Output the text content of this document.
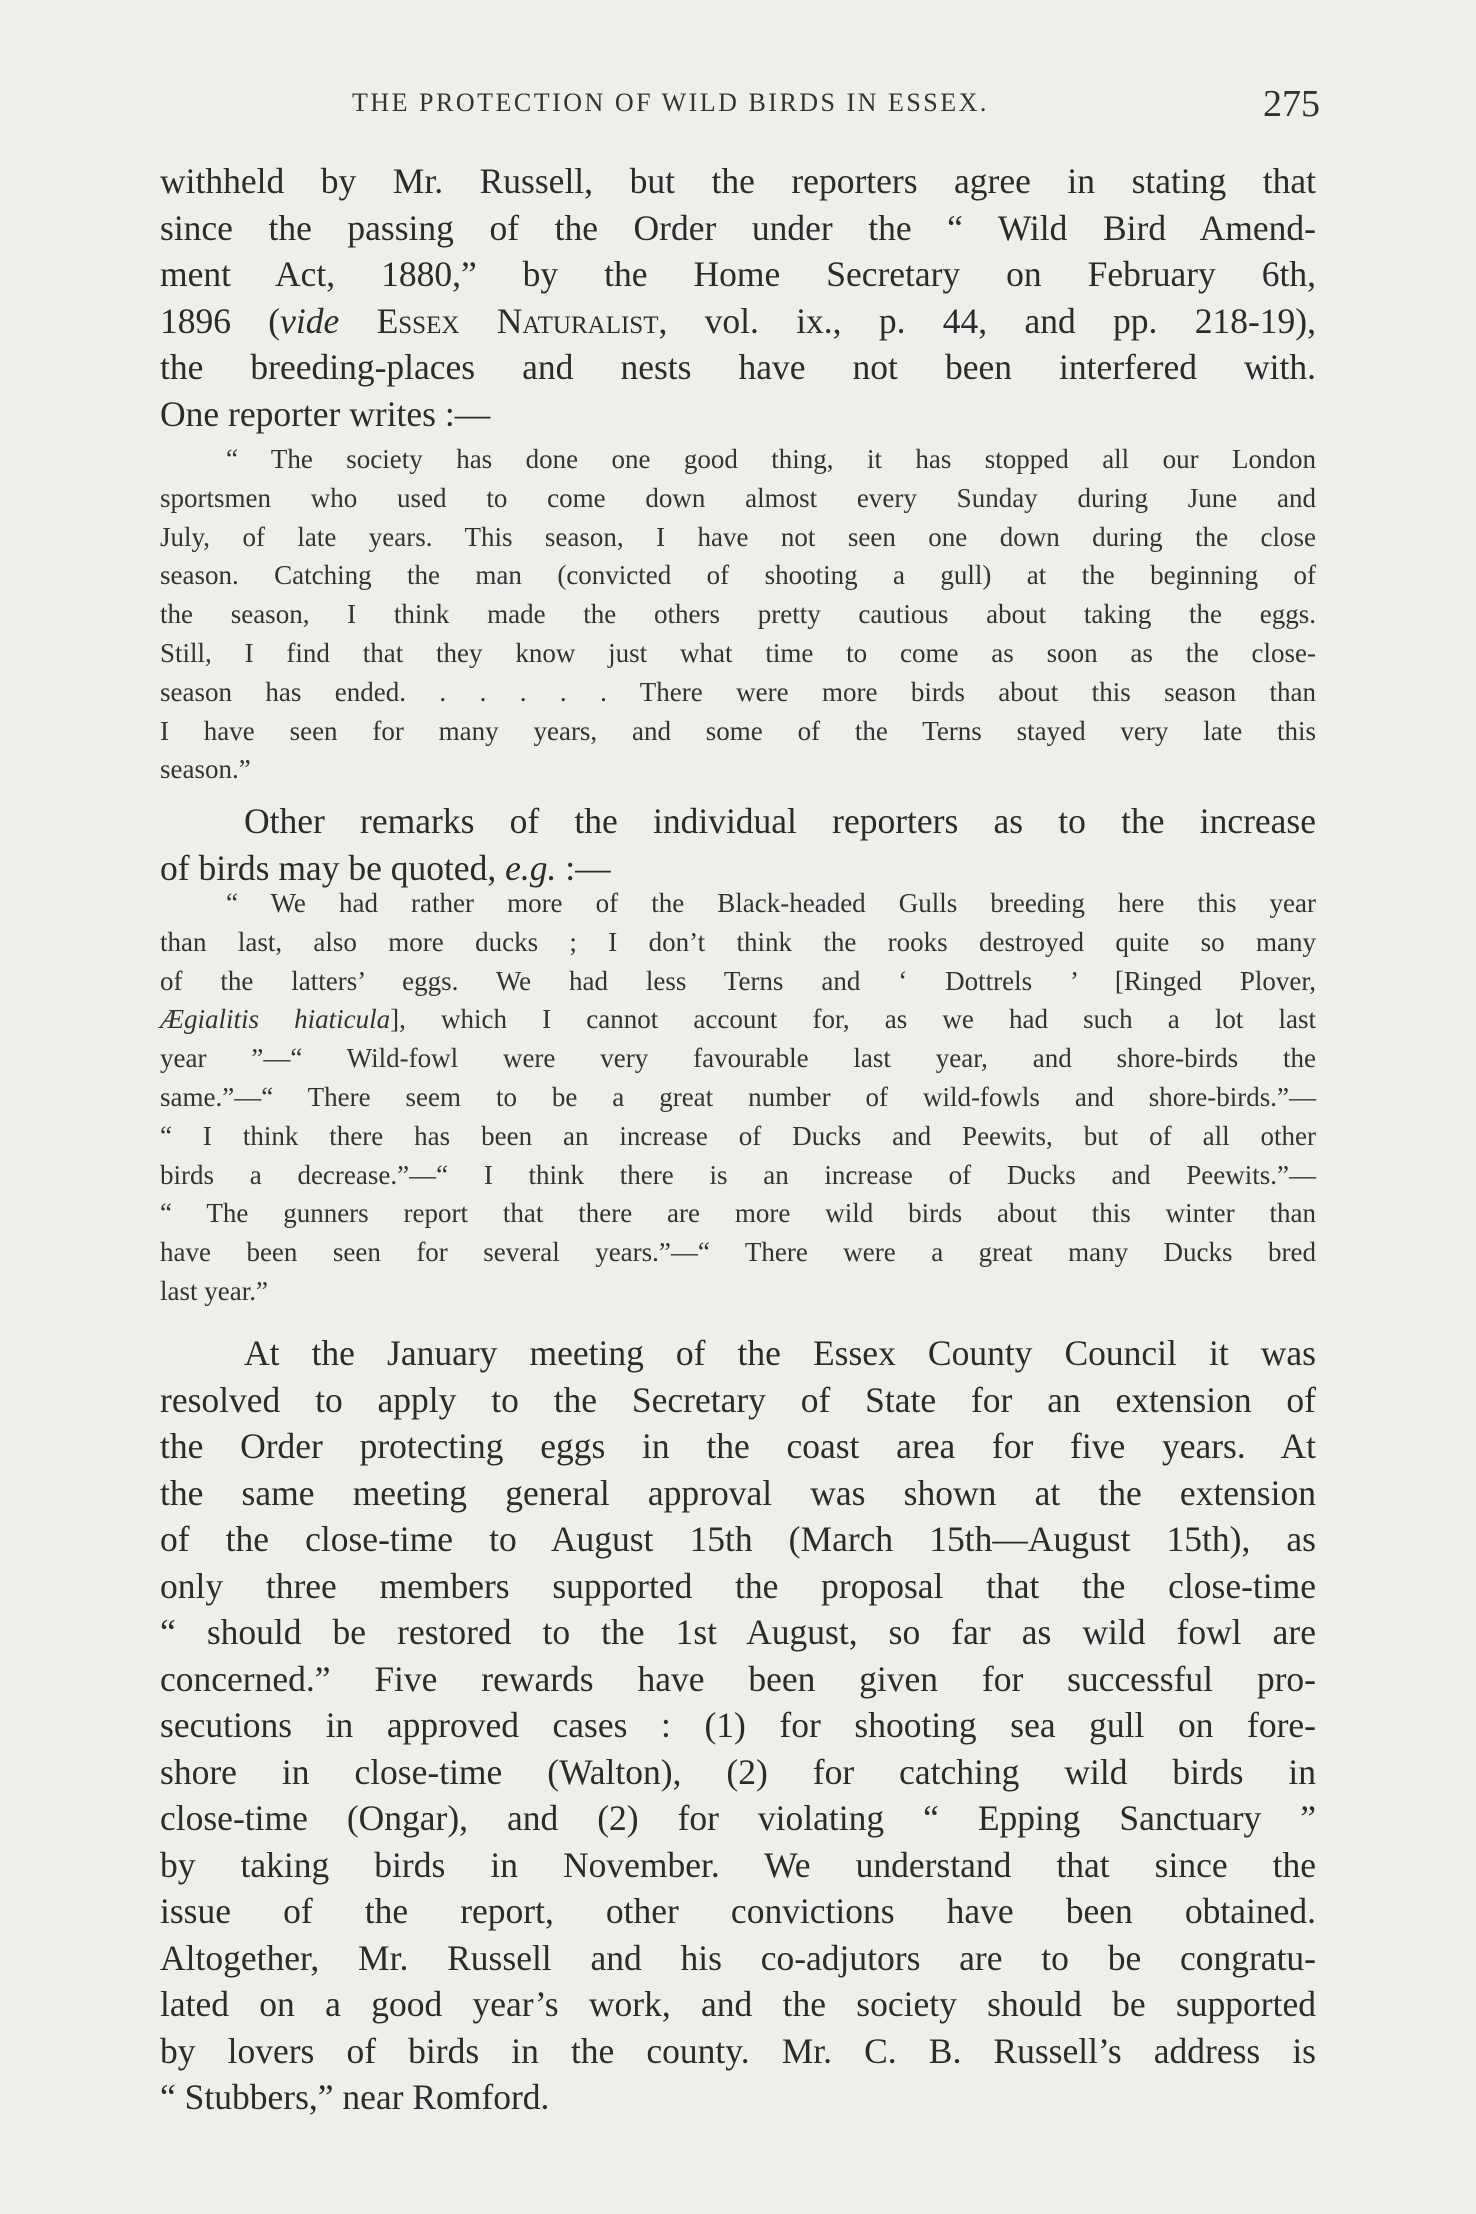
THE PROTECTION OF WILD BIRDS IN ESSEX.	275

withheld by Mr. Russell, but the reporters agree in stating that
since the passing of the Order under the “ Wild Bird Amend-
ment Act, 1880,” by the Home Secretary on February 6th,
1896 (vide Essex Naturalist, vol. ix., p. 44, and pp. 218-19),
the breeding-places and nests have not been interfered with.
One reporter writes :—

“ The society has done one good thing, it has stopped all our London
sportsmen who used to come down almost every Sunday during June and
July, of late years. This season, I have not seen one down during the close
season. Catching the man (convicted of shooting a gull) at the beginning of
the season, I think made the others pretty cautious about taking the eggs.
Still, I find that they know just what time to come as soon as the close-
season has ended. . . . . . There were more birds about this season than
I have seen for many years, and some of the Terns stayed very late this
season.”

Other remarks of the individual reporters as to the increase
of birds may be quoted, e.g. :—

“ We had rather more of the Black-headed Gulls breeding here this year
than last, also more ducks ; I don’t think the rooks destroyed quite so many
of the latters’ eggs. We had less Terns and ‘ Dottrels ’ [Ringed Plover,
Ægialitis hiaticula], which I cannot account for, as we had such a lot last
year ”—“ Wild-fowl were very favourable last year, and shore-birds the
same.”—“ There seem to be a great number of wild-fowls and shore-birds.”—
“ I think there has been an increase of Ducks and Peewits, but of all other
birds a decrease.”—“ I think there is an increase of Ducks and Peewits.”—
“ The gunners report that there are more wild birds about this winter than
have been seen for several years.”—“ There were a great many Ducks bred
last year.”

At the January meeting of the Essex County Council it was
resolved to apply to the Secretary of State for an extension of
the Order protecting eggs in the coast area for five years. At
the same meeting general approval was shown at the extension
of the close-time to August 15th (March 15th—August 15th), as
only three members supported the proposal that the close-time
“ should be restored to the 1st August, so far as wild fowl are
concerned.” Five rewards have been given for successful pro-
secutions in approved cases : (1) for shooting sea gull on fore-
shore in close-time (Walton), (2) for catching wild birds in
close-time (Ongar), and (2) for violating “ Epping Sanctuary ”
by taking birds in November. We understand that since the
issue of the report, other convictions have been obtained.
Altogether, Mr. Russell and his co-adjutors are to be congratu-
lated on a good year’s work, and the society should be supported
by lovers of birds in the county. Mr. C. B. Russell’s address is
“ Stubbers,” near Romford.
